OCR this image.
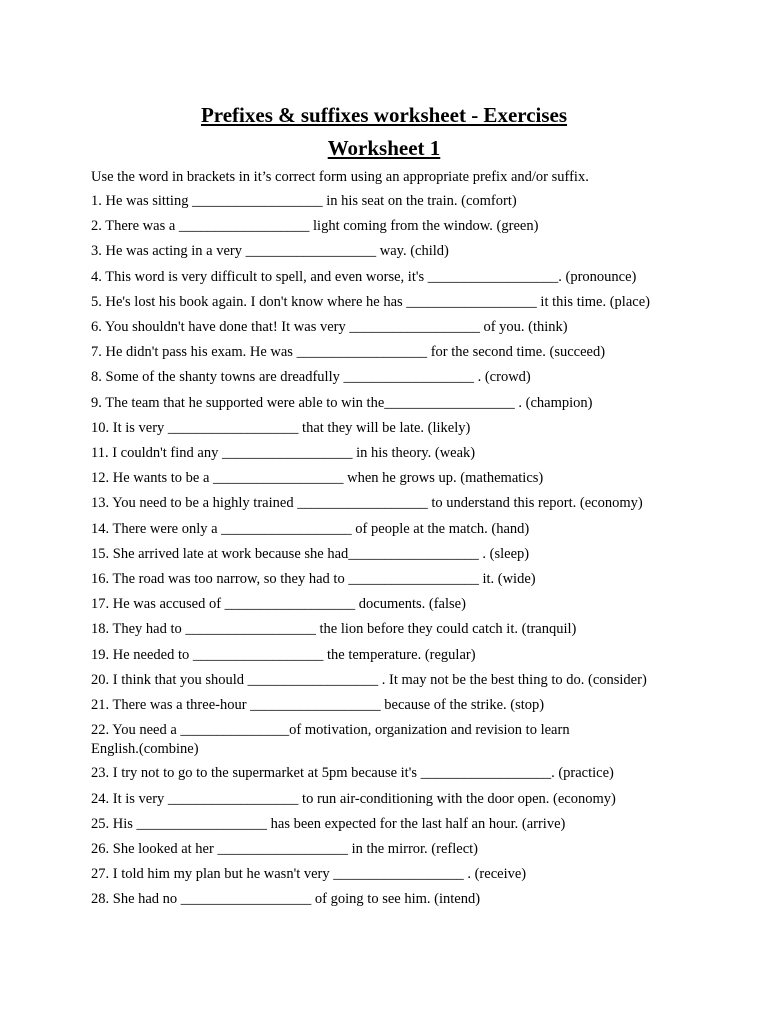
Prefixes & suffixes worksheet - Exercises
Worksheet 1
Use the word in brackets in it’s correct form using an appropriate prefix and/or suffix.
1. He was sitting __________________ in his seat on the train. (comfort)
2. There was a __________________ light coming from the window. (green)
3. He was acting in a very __________________ way. (child)
4. This word is very difficult to spell, and even worse, it's __________________. (pronounce)
5. He's lost his book again. I don't know where he has __________________ it this time. (place)
6. You shouldn't have done that! It was very __________________ of you. (think)
7. He didn't pass his exam. He was __________________ for the second time. (succeed)
8. Some of the shanty towns are dreadfully __________________ . (crowd)
9. The team that he supported were able to win the__________________ . (champion)
10. It is very __________________ that they will be late. (likely)
11. I couldn't find any __________________ in his theory. (weak)
12. He wants to be a __________________ when he grows up. (mathematics)
13. You need to be a highly trained __________________ to understand this report. (economy)
14. There were only a __________________ of people at the match. (hand)
15. She arrived late at work because she had__________________ . (sleep)
16. The road was too narrow, so they had to __________________ it. (wide)
17. He was accused of __________________ documents. (false)
18. They had to __________________ the lion before they could catch it. (tranquil)
19. He needed to __________________ the temperature. (regular)
20. I think that you should __________________ . It may not be the best thing to do. (consider)
21. There was a three-hour __________________ because of the strike. (stop)
22. You need a _______________of motivation, organization and revision to learn English.(combine)
23. I try not to go to the supermarket at 5pm because it's __________________. (practice)
24. It is very __________________ to run air-conditioning with the door open. (economy)
25. His __________________ has been expected for the last half an hour. (arrive)
26. She looked at her __________________ in the mirror. (reflect)
27. I told him my plan but he wasn't very __________________ . (receive)
28. She had no __________________ of going to see him. (intend)
